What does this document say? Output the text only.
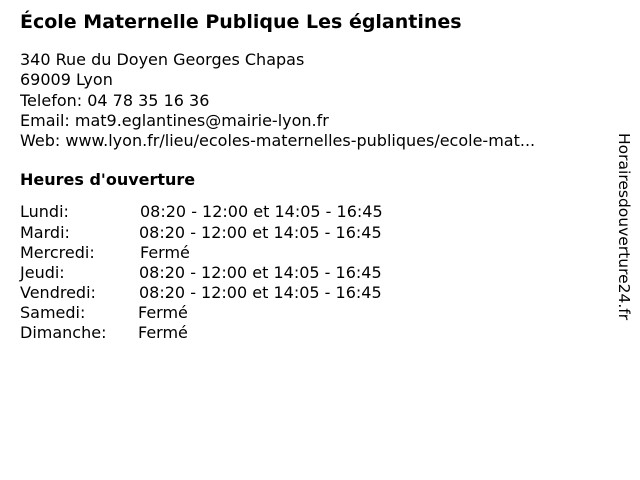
École Maternelle Publique Les églantines
340 Rue du Doyen Georges Chapas
69009 Lyon
Telefon: 04 78 35 16 36
Email: mat9.eglantines@mairie-lyon.fr
Web: www.lyon.fr/lieu/ecoles-maternelles-publiques/ecole-mat...
Heures d'ouverture
Lundi:	08:20 - 12:00 et 14:05 - 16:45
Mardi:	08:20 - 12:00 et 14:05 - 16:45
Mercredi:	Fermé
Jeudi:	08:20 - 12:00 et 14:05 - 16:45
Vendredi:	08:20 - 12:00 et 14:05 - 16:45
Samedi:	Fermé
Dimanche:	Fermé
Horairesdouverture24.fr
